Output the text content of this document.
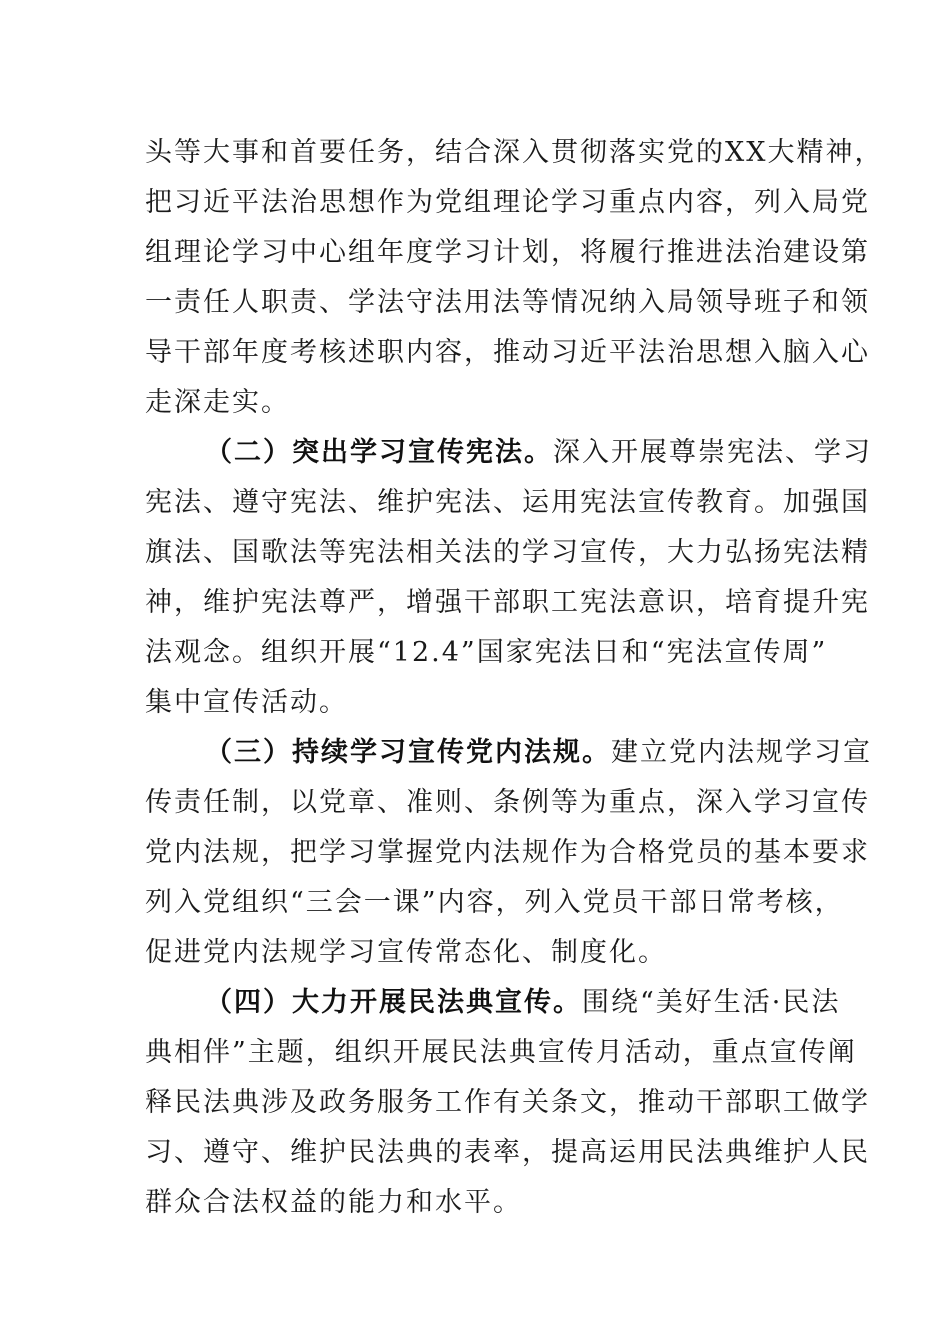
头等大事和首要任务，结合深入贯彻落实党的XX大精神，
把习近平法治思想作为党组理论学习重点内容，列入局党
组理论学习中心组年度学习计划，将履行推进法治建设第
一责任人职责、学法守法用法等情况纳入局领导班子和领
导干部年度考核述职内容，推动习近平法治思想入脑入心
走深走实。
（二）突出学习宣传宪法。深入开展尊崇宪法、学习
宪法、遵守宪法、维护宪法、运用宪法宣传教育。加强国
旗法、国歌法等宪法相关法的学习宣传，大力弘扬宪法精
神，维护宪法尊严，增强干部职工宪法意识，培育提升宪
法观念。组织开展“12.4”国家宪法日和“宪法宣传周”
集中宣传活动。
（三）持续学习宣传党内法规。建立党内法规学习宣
传责任制，以党章、准则、条例等为重点，深入学习宣传
党内法规，把学习掌握党内法规作为合格党员的基本要求
列入党组织“三会一课”内容，列入党员干部日常考核，
促进党内法规学习宣传常态化、制度化。
（四）大力开展民法典宣传。围绕“美好生活·民法
典相伴”主题，组织开展民法典宣传月活动，重点宣传阐
释民法典涉及政务服务工作有关条文，推动干部职工做学
习、遵守、维护民法典的表率，提高运用民法典维护人民
群众合法权益的能力和水平。
